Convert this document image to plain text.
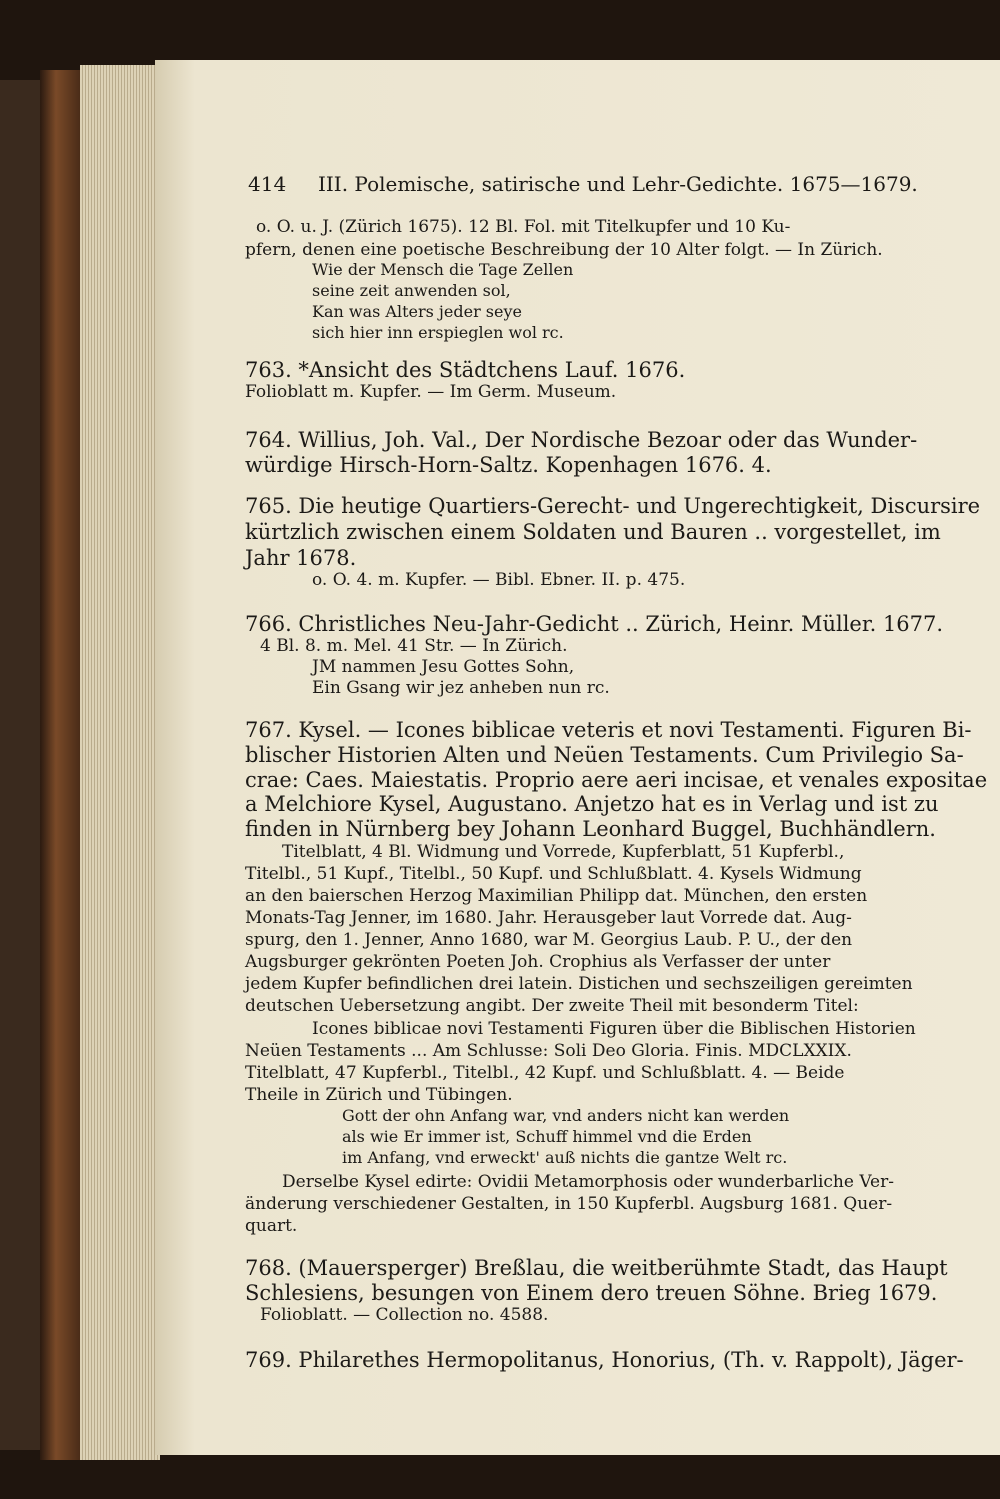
414 III. Polemische, satirische und Lehr-Gedichte. 1675—1679.
o. O. u. J. (Zürich 1675). 12 Bl. Fol. mit Titelkupfer und 10 Ku-
pfern, denen eine poetische Beschreibung der 10 Alter folgt. — In Zürich.
Wie der Mensch die Tage Zellen
seine zeit anwenden sol,
Kan was Alters jeder seye
sich hier inn erspieglen wol rc.
763. *Ansicht des Städtchens Lauf. 1676.
Folioblatt m. Kupfer. — Im Germ. Museum.
764. Willius, Joh. Val., Der Nordische Bezoar oder das Wunder-
würdige Hirsch-Horn-Saltz. Kopenhagen 1676. 4.
765. Die heutige Quartiers-Gerecht- und Ungerechtigkeit, Discursire
kürtzlich zwischen einem Soldaten und Bauren .. vorgestellet, im
Jahr 1678.
o. O. 4. m. Kupfer. — Bibl. Ebner. II. p. 475.
766. Christliches Neu-Jahr-Gedicht .. Zürich, Heinr. Müller. 1677.
4 Bl. 8. m. Mel. 41 Str. — In Zürich.
JM nammen Jesu Gottes Sohn,
Ein Gsang wir jez anheben nun rc.
767. Kysel. — Icones biblicae veteris et novi Testamenti. Figuren Bi-
blischer Historien Alten und Neüen Testaments. Cum Privilegio Sa-
crae: Caes. Maiestatis. Proprio aere aeri incisae, et venales expositae
a Melchiore Kysel, Augustano. Anjetzo hat es in Verlag und ist zu
finden in Nürnberg bey Johann Leonhard Buggel, Buchhändlern.
Titelblatt, 4 Bl. Widmung und Vorrede, Kupferblatt, 51 Kupferbl.,
Titelbl., 51 Kupf., Titelbl., 50 Kupf. und Schlußblatt. 4. Kysels Widmung
an den baierschen Herzog Maximilian Philipp dat. München, den ersten
Monats-Tag Jenner, im 1680. Jahr. Herausgeber laut Vorrede dat. Aug-
spurg, den 1. Jenner, Anno 1680, war M. Georgius Laub. P. U., der den
Augsburger gekrönten Poeten Joh. Crophius als Verfasser der unter
jedem Kupfer befindlichen drei latein. Distichen und sechszeiligen gereimten
deutschen Uebersetzung angibt. Der zweite Theil mit besonderm Titel:
Icones biblicae novi Testamenti Figuren über die Biblischen Historien
Neüen Testaments ... Am Schlusse: Soli Deo Gloria. Finis. MDCLXXIX.
Titelblatt, 47 Kupferbl., Titelbl., 42 Kupf. und Schlußblatt. 4. — Beide
Theile in Zürich und Tübingen.
Gott der ohn Anfang war, vnd anders nicht kan werden
als wie Er immer ist, Schuff himmel vnd die Erden
im Anfang, vnd erweckt' auß nichts die gantze Welt rc.
Derselbe Kysel edirte: Ovidii Metamorphosis oder wunderbarliche Ver-
änderung verschiedener Gestalten, in 150 Kupferbl. Augsburg 1681. Quer-
quart.
768. (Mauersperger) Breßlau, die weitberühmte Stadt, das Haupt
Schlesiens, besungen von Einem dero treuen Söhne. Brieg 1679.
Folioblatt. — Collection no. 4588.
769. Philarethes Hermopolitanus, Honorius, (Th. v. Rappolt), Jäger-
